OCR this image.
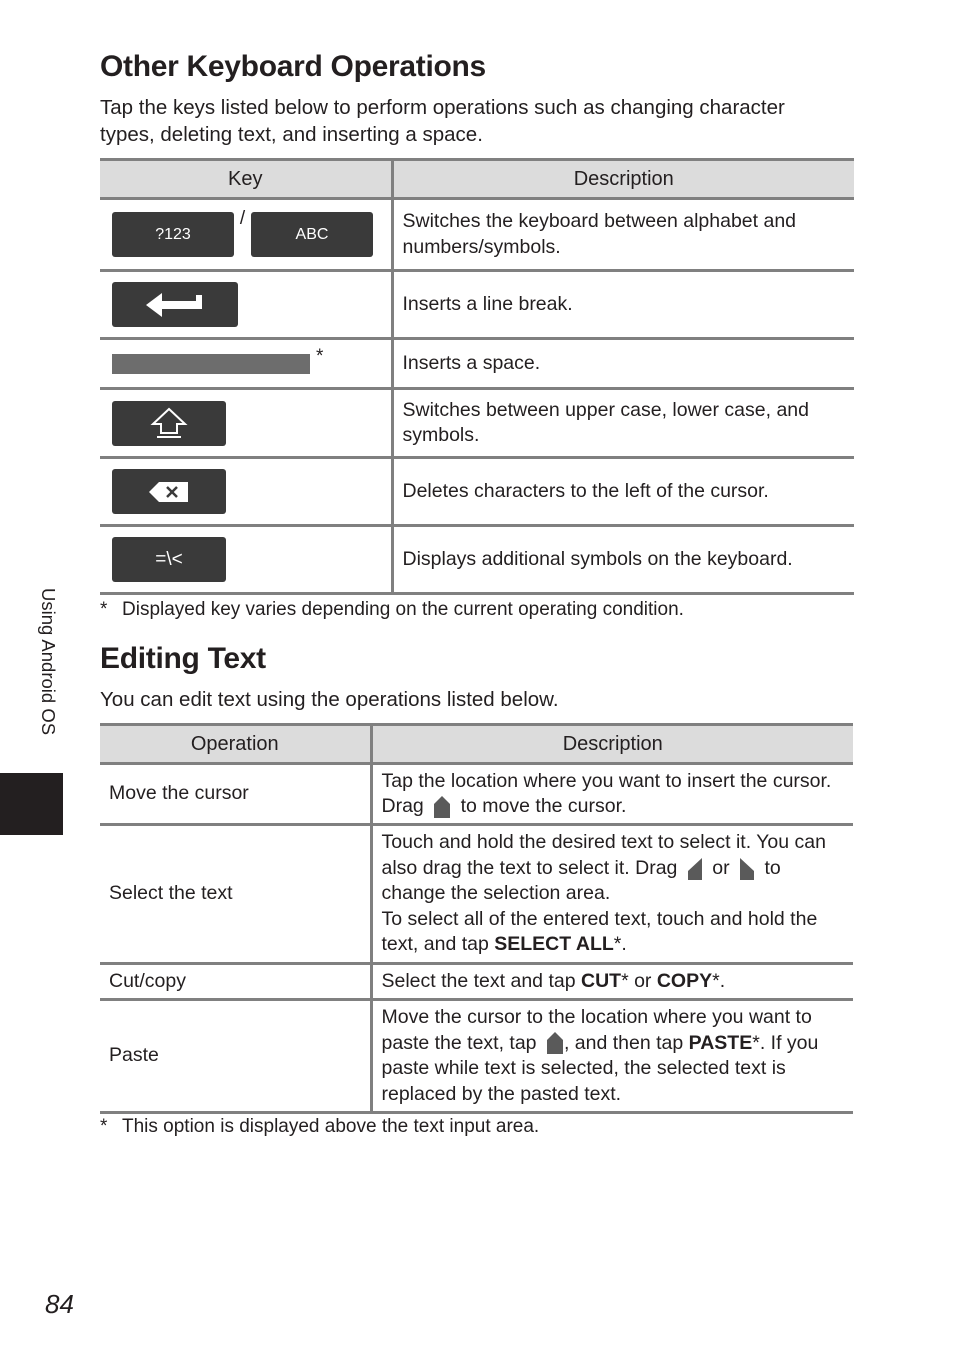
Other Keyboard Operations

Tap the keys listed below to perform operations such as changing character types, deleting text, and inserting a space.

Key	Description
?123/ABC	Switches the keyboard between alphabet and numbers/symbols.

	Inserts a line break.

*	Inserts a space.

	Switches between upper case, lower case, and symbols.

	Deletes characters to the left of the cursor.
=\<	Displays additional symbols on the keyboard.

* Displayed key varies depending on the current operating condition.

Editing Text

You can edit text using the operations listed below.

Operation	Description
Move the cursor	Tap the location where you want to insert the cursor. Drag to move the cursor.
Select the text	Touch and hold the desired text to select it. You can also drag the text to select it. Drag or to change the selection area.
To select all of the entered text, touch and hold the text, and tap SELECT ALL*.
Cut/copy	Select the text and tap CUT* or COPY*.
Paste	Move the cursor to the location where you want to paste the text, tap , and then tap PASTE*. If you paste while text is selected, the selected text is replaced by the pasted text.

* This option is displayed above the text input area.

Using Android OS
84
